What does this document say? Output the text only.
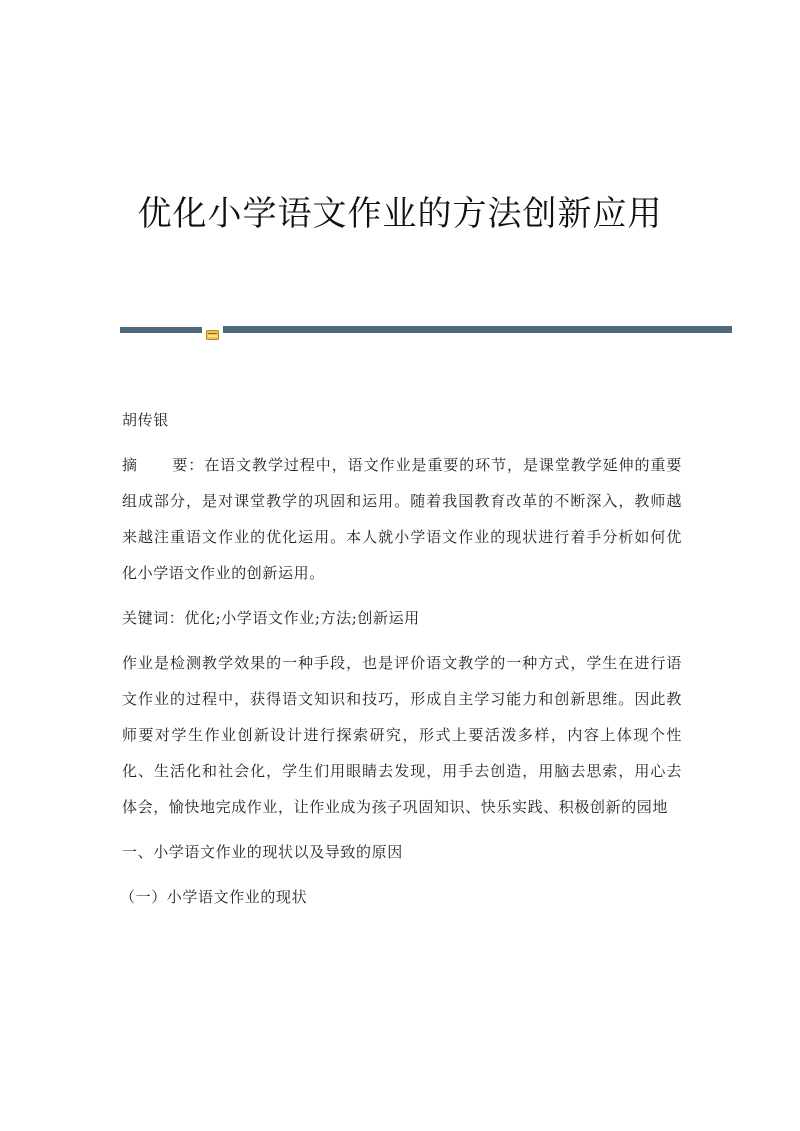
优化小学语文作业的方法创新应用

胡传银

摘 要：在语文教学过程中，语文作业是重要的环节，是课堂教学延伸的重要组成部分，是对课堂教学的巩固和运用。随着我国教育改革的不断深入，教师越来越注重语文作业的优化运用。本人就小学语文作业的现状进行着手分析如何优化小学语文作业的创新运用。

关键词：优化;小学语文作业;方法;创新运用

作业是检测教学效果的一种手段，也是评价语文教学的一种方式，学生在进行语文作业的过程中，获得语文知识和技巧，形成自主学习能力和创新思维。因此教师要对学生作业创新设计进行探索研究，形式上要活泼多样，内容上体现个性化、生活化和社会化，学生们用眼睛去发现，用手去创造，用脑去思索，用心去体会，愉快地完成作业，让作业成为孩子巩固知识、快乐实践、积极创新的园地

一、小学语文作业的现状以及导致的原因

（一）小学语文作业的现状
